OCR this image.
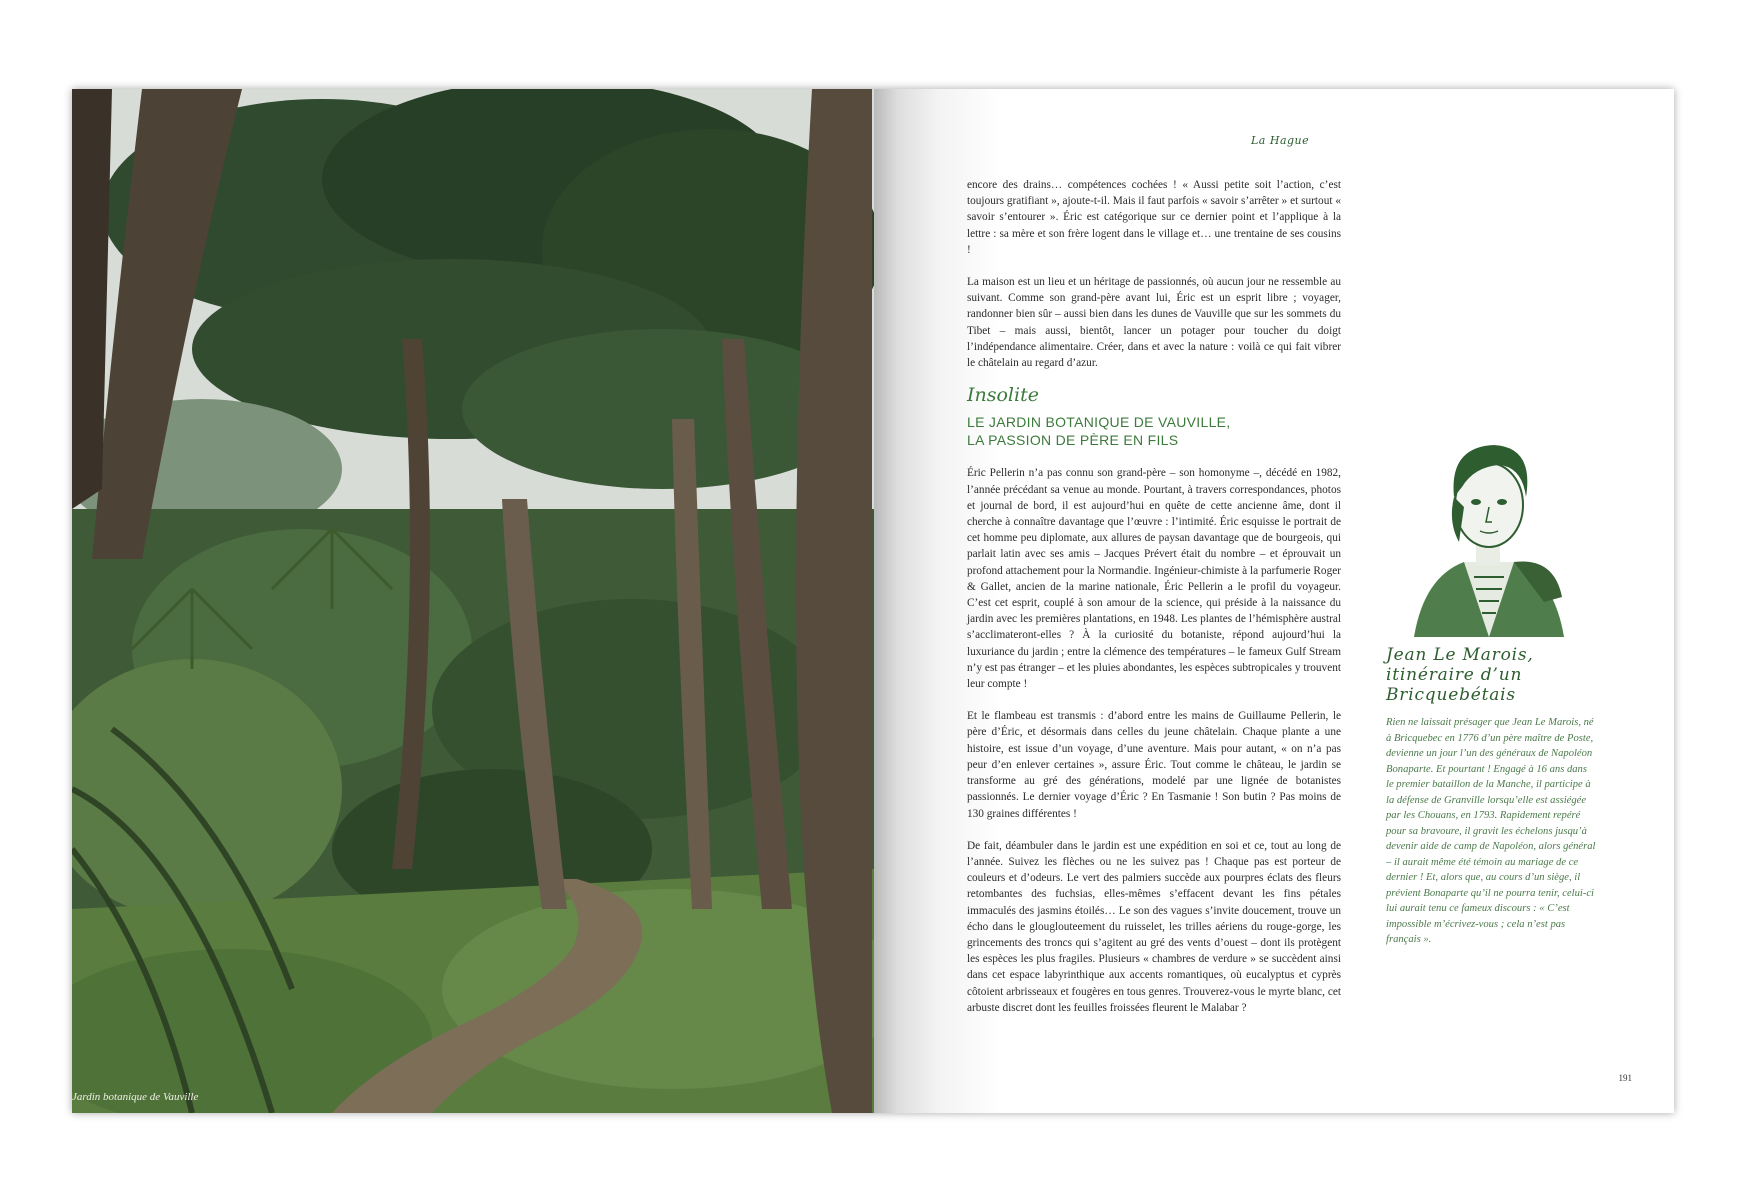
Jardin botanique de Vauville
La Hague

encore des drains… compétences cochées ! « Aussi petite soit l’action, c’est toujours gratifiant », ajoute-t-il. Mais il faut parfois « savoir s’arrêter » et surtout « savoir s’entourer ». Éric est catégorique sur ce dernier point et l’applique à la lettre : sa mère et son frère logent dans le village et… une trentaine de ses cousins !

La maison est un lieu et un héritage de passionnés, où aucun jour ne ressemble au suivant. Comme son grand-père avant lui, Éric est un esprit libre ; voyager, randonner bien sûr – aussi bien dans les dunes de Vauville que sur les sommets du Tibet – mais aussi, bientôt, lancer un potager pour toucher du doigt l’indépendance alimentaire. Créer, dans et avec la nature : voilà ce qui fait vibrer le châtelain au regard d’azur.

Insolite
LE JARDIN BOTANIQUE DE VAUVILLE,
LA PASSION DE PÈRE EN FILS

Éric Pellerin n’a pas connu son grand-père – son homonyme –, décédé en 1982, l’année précédant sa venue au monde. Pourtant, à travers correspondances, photos et journal de bord, il est aujourd’hui en quête de cette ancienne âme, dont il cherche à connaître davantage que l’œuvre : l’intimité. Éric esquisse le portrait de cet homme peu diplomate, aux allures de paysan davantage que de bourgeois, qui parlait latin avec ses amis – Jacques Prévert était du nombre – et éprouvait un profond attachement pour la Normandie. Ingénieur-chimiste à la parfumerie Roger & Gallet, ancien de la marine nationale, Éric Pellerin a le profil du voyageur. C’est cet esprit, couplé à son amour de la science, qui préside à la naissance du jardin avec les premières plantations, en 1948. Les plantes de l’hémisphère austral s’acclimateront-elles ? À la curiosité du botaniste, répond aujourd’hui la luxuriance du jardin ; entre la clémence des températures – le fameux Gulf Stream n’y est pas étranger – et les pluies abondantes, les espèces subtropicales y trouvent leur compte !

Et le flambeau est transmis : d’abord entre les mains de Guillaume Pellerin, le père d’Éric, et désormais dans celles du jeune châtelain. Chaque plante a une histoire, est issue d’un voyage, d’une aventure. Mais pour autant, « on n’a pas peur d’en enlever certaines », assure Éric. Tout comme le château, le jardin se transforme au gré des générations, modelé par une lignée de botanistes passionnés. Le dernier voyage d’Éric ? En Tasmanie ! Son butin ? Pas moins de 130 graines différentes !

De fait, déambuler dans le jardin est une expédition en soi et ce, tout au long de l’année. Suivez les flèches ou ne les suivez pas ! Chaque pas est porteur de couleurs et d’odeurs. Le vert des palmiers succède aux pourpres éclats des fleurs retombantes des fuchsias, elles-mêmes s’effacent devant les fins pétales immaculés des jasmins étoilés… Le son des vagues s’invite doucement, trouve un écho dans le glouglouteement du ruisselet, les trilles aériens du rouge-gorge, les grincements des troncs qui s’agitent au gré des vents d’ouest – dont ils protègent les espèces les plus fragiles. Plusieurs « chambres de verdure » se succèdent ainsi dans cet espace labyrinthique aux accents romantiques, où eucalyptus et cyprès côtoient arbrisseaux et fougères en tous genres. Trouverez-vous le myrte blanc, cet arbuste discret dont les feuilles froissées fleurent le Malabar ?

Jean Le Marois,
itinéraire d’un
Bricquebétais

Rien ne laissait présager que Jean Le Marois, né à Bricquebec en 1776 d’un père maître de Poste, devienne un jour l’un des généraux de Napoléon Bonaparte. Et pourtant ! Engagé à 16 ans dans le premier bataillon de la Manche, il participe à la défense de Granville lorsqu’elle est assiégée par les Chouans, en 1793. Rapidement repéré pour sa bravoure, il gravit les échelons jusqu’à devenir aide de camp de Napoléon, alors général – il aurait même été témoin au mariage de ce dernier ! Et, alors que, au cours d’un siège, il prévient Bonaparte qu’il ne pourra tenir, celui-ci lui aurait tenu ce fameux discours : « C’est impossible m’écrivez-vous ; cela n’est pas français ».

191
